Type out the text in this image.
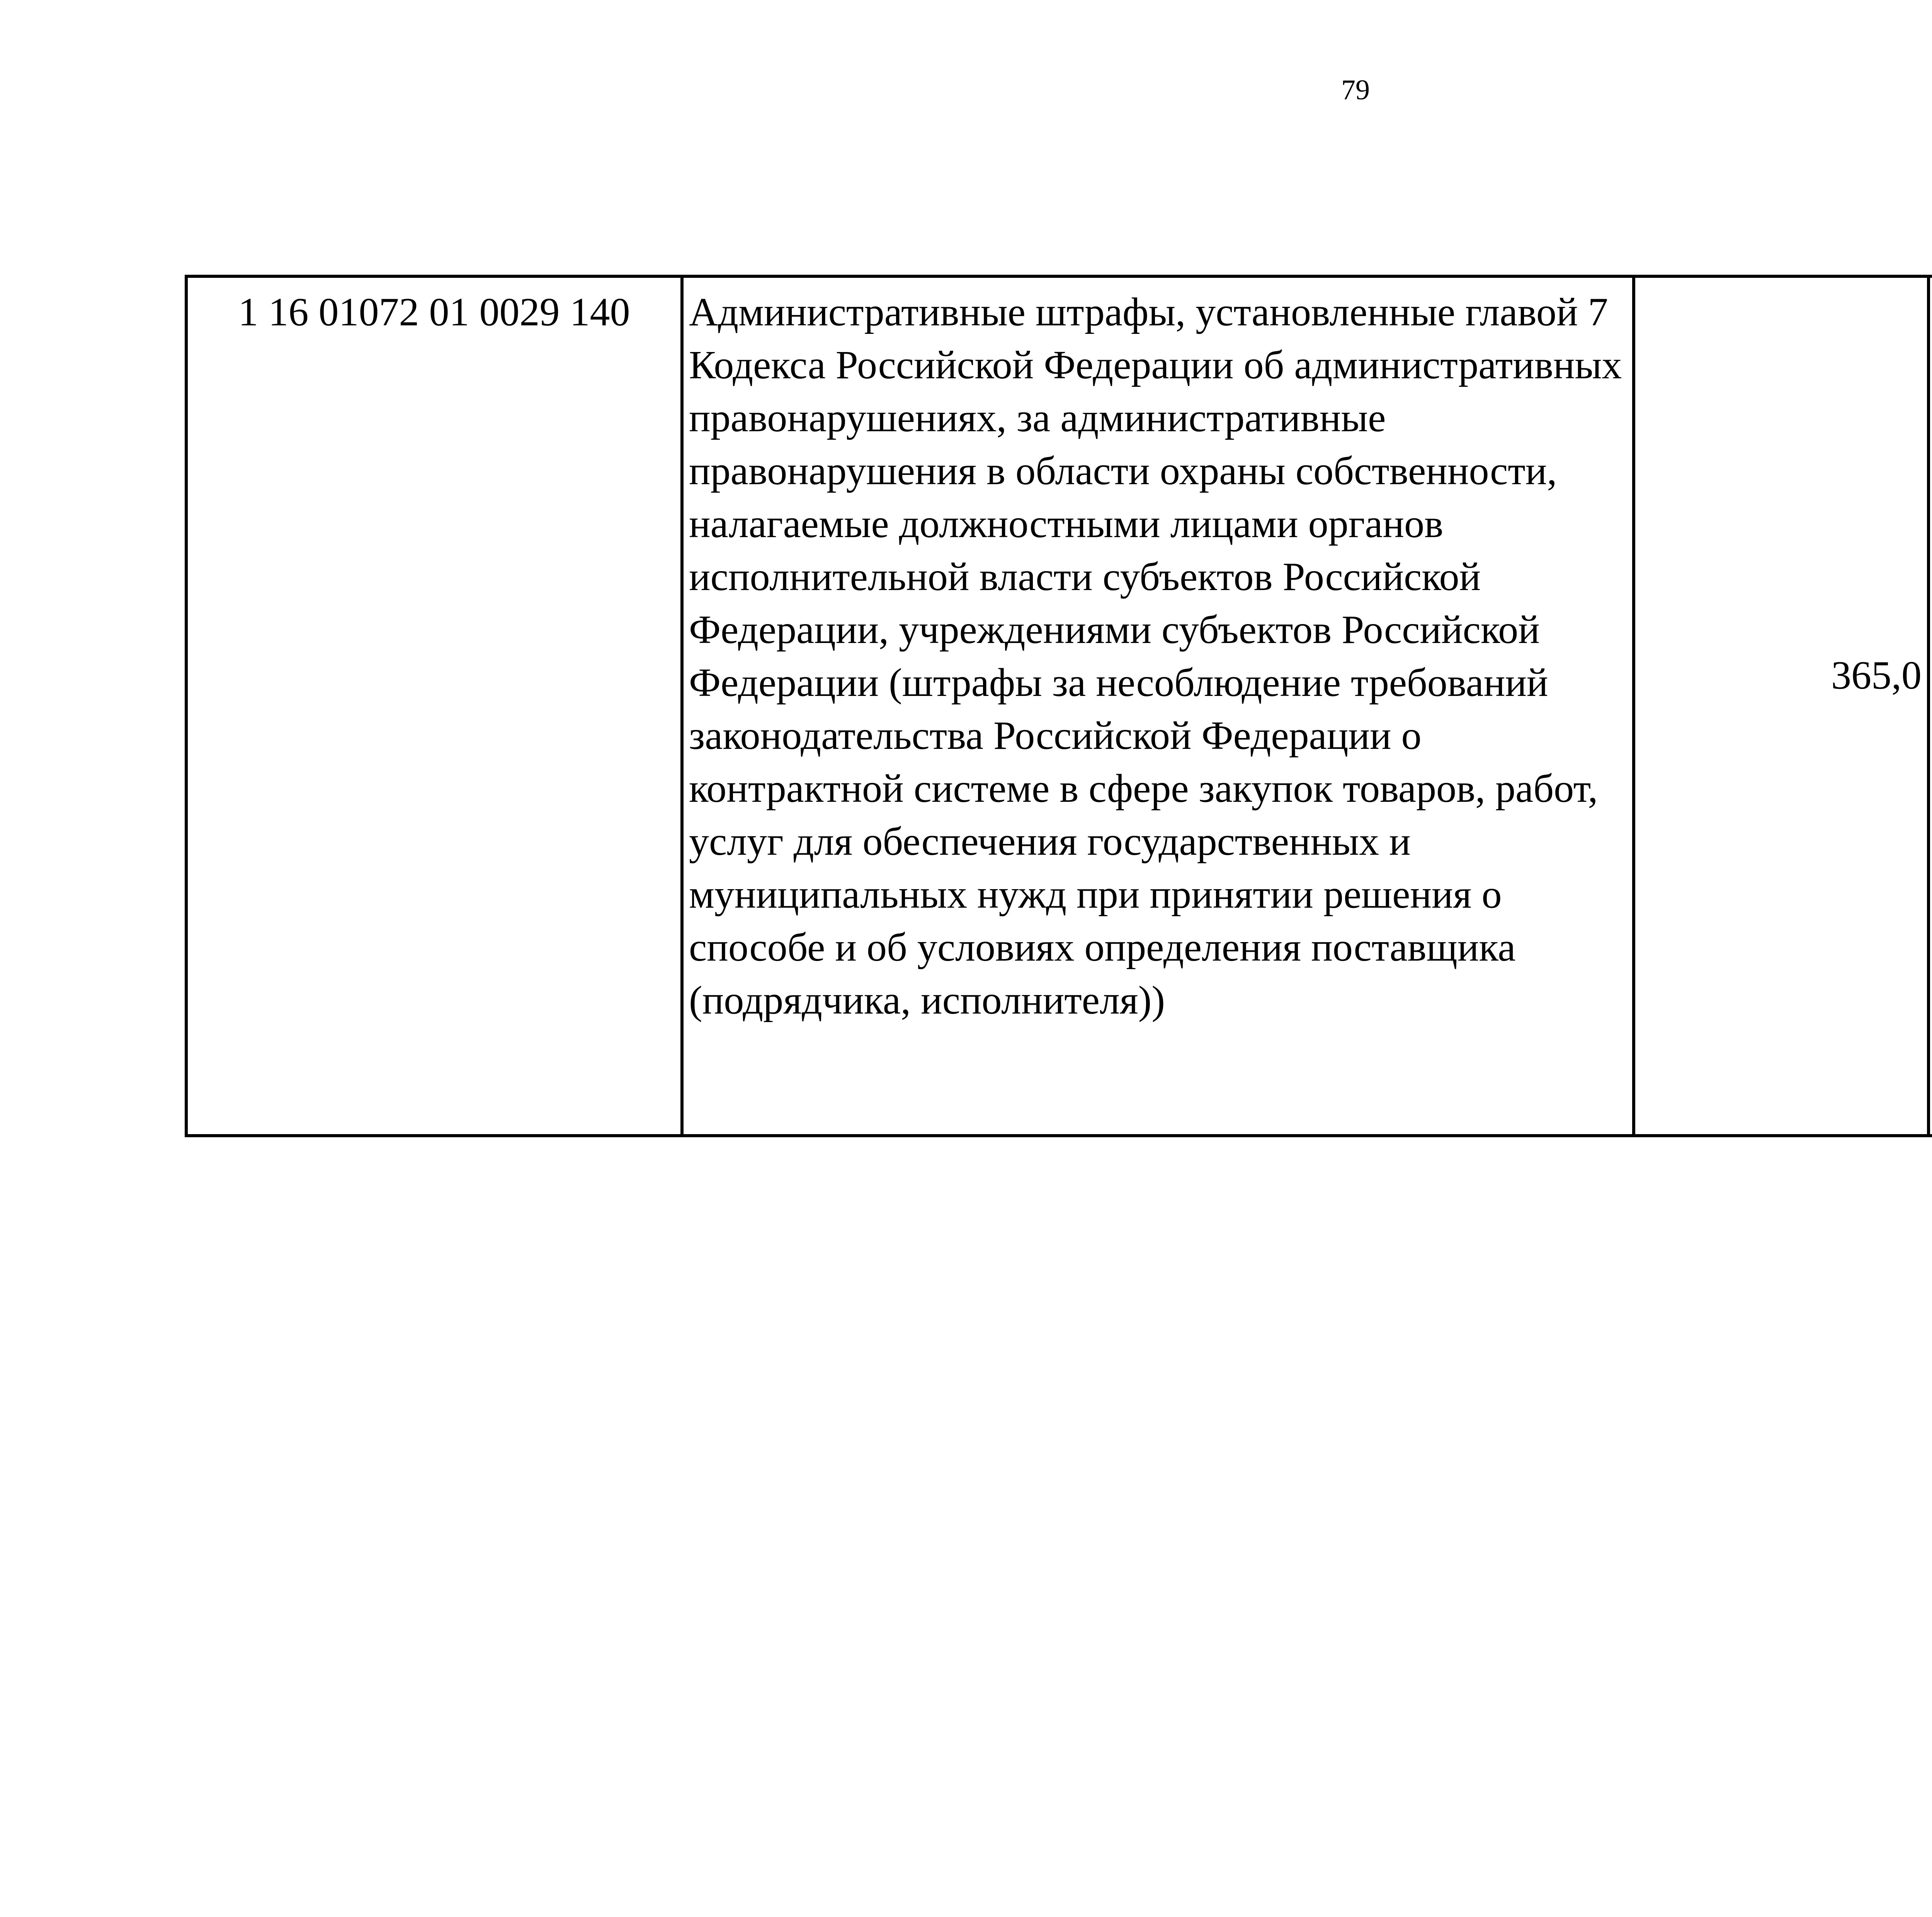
79
1 16 01072 01 0029 140	Административные штрафы, установленные главой 7 Кодекса Российской Федерации об административных правонарушениях, за административные правонарушения в области охраны собственности, налагаемые должностными лицами органов исполнительной власти субъектов Российской Федерации, учреждениями субъектов Российской Федерации (штрафы за несоблюдение требований законодательства Российской Федерации о контрактной системе в сфере закупок товаров, работ, услуг для обеспечения государственных и муниципальных нужд при принятии решения о способе и об условиях определения поставщика (подрядчика, исполнителя))	365,0		
